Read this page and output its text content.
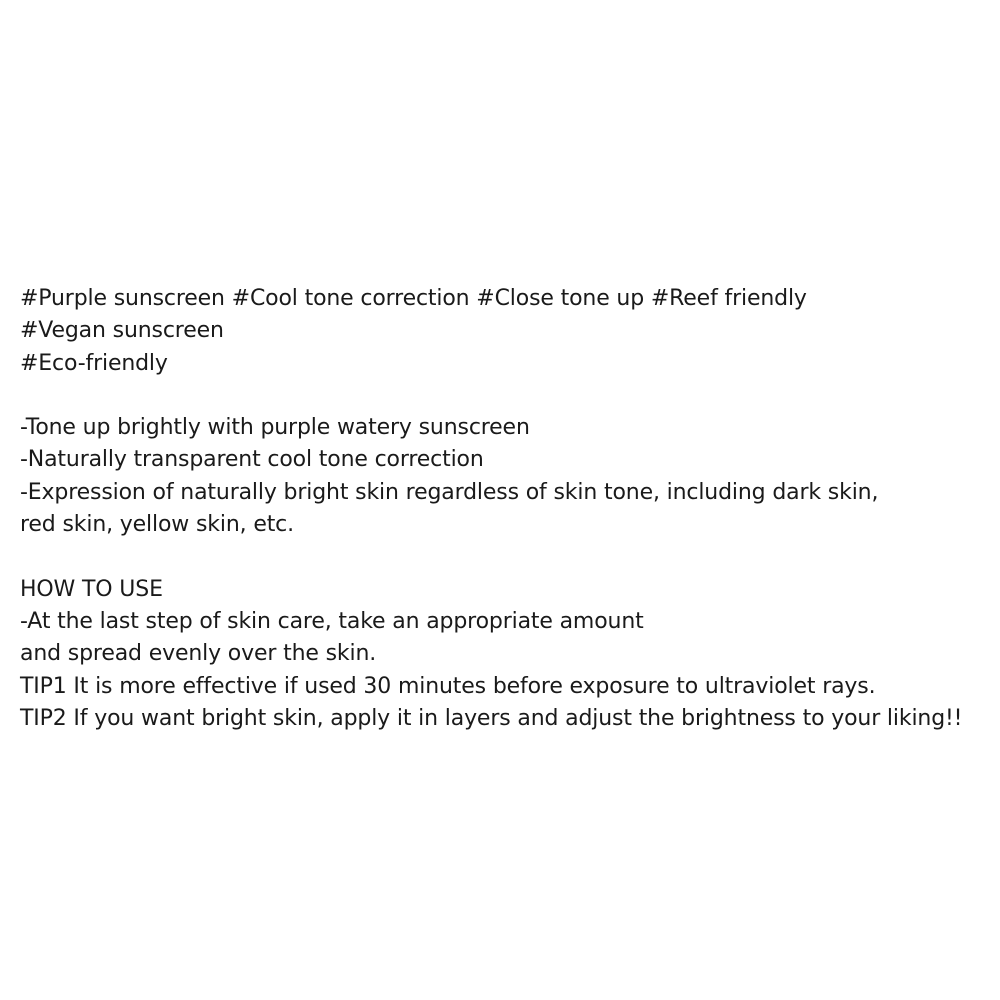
#Purple sunscreen #Cool tone correction #Close tone up #Reef friendly
#Vegan sunscreen
#Eco-friendly
-Tone up brightly with purple watery sunscreen
-Naturally transparent cool tone correction
-Expression of naturally bright skin regardless of skin tone, including dark skin,
red skin, yellow skin, etc.
HOW TO USE
-At the last step of skin care, take an appropriate amount
and spread evenly over the skin.
TIP1 It is more effective if used 30 minutes before exposure to ultraviolet rays.
TIP2 If you want bright skin, apply it in layers and adjust the brightness to your liking!!
